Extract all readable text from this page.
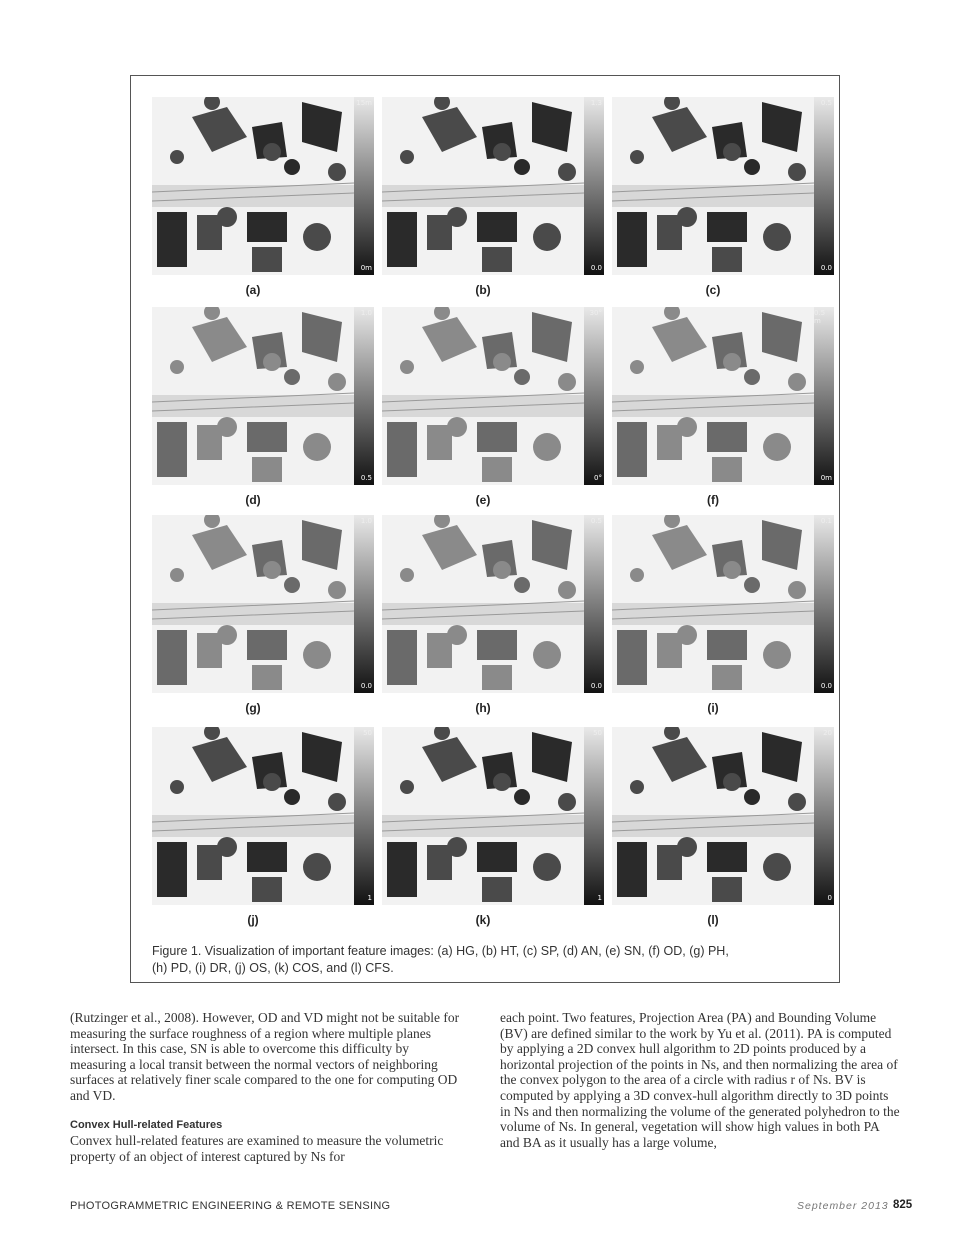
15m
0m
(a)
1.3
0.0
(b)
0.5
0.0
(c)
1.0
0.5
(d)
30°
0°
(e)
0.5 m
0m
(f)
1.0
0.0
(g)
0.5
0.0
(h)
0.1
0.0
(i)
50
1
(j)
50
1
(k)
20
0
(l)
Figure 1. Visualization of important feature images: (a) HG, (b) HT, (c) SP, (d) AN, (e) SN, (f) OD, (g) PH,
(h) PD, (i) DR, (j) OS, (k) COS, and (l) CFS.

(Rutzinger et al., 2008). However, OD and VD might not be suitable for measuring the surface roughness of a region where multiple planes intersect. In this case, SN is able to overcome this difficulty by measuring a local transit between the normal vectors of neighboring surfaces at relatively finer scale compared to the one for computing OD and VD.

Convex Hull-related Features

Convex hull-related features are examined to measure the volumetric property of an object of interest captured by Ns for

each point. Two features, Projection Area (PA) and Bounding Volume (BV) are defined similar to the work by Yu et al. (2011). PA is computed by applying a 2D convex hull algorithm to 2D points produced by a horizontal projection of the points in Ns, and then normalizing the area of the convex polygon to the area of a circle with radius r of Ns. BV is computed by applying a 3D convex-hull algorithm directly to 3D points in Ns and then normalizing the volume of the generated polyhedron to the volume of Ns. In general, vegetation will show high values in both PA and BA as it usually has a large volume,

PHOTOGRAMMETRIC ENGINEERING & REMOTE SENSING	September 2013 825
